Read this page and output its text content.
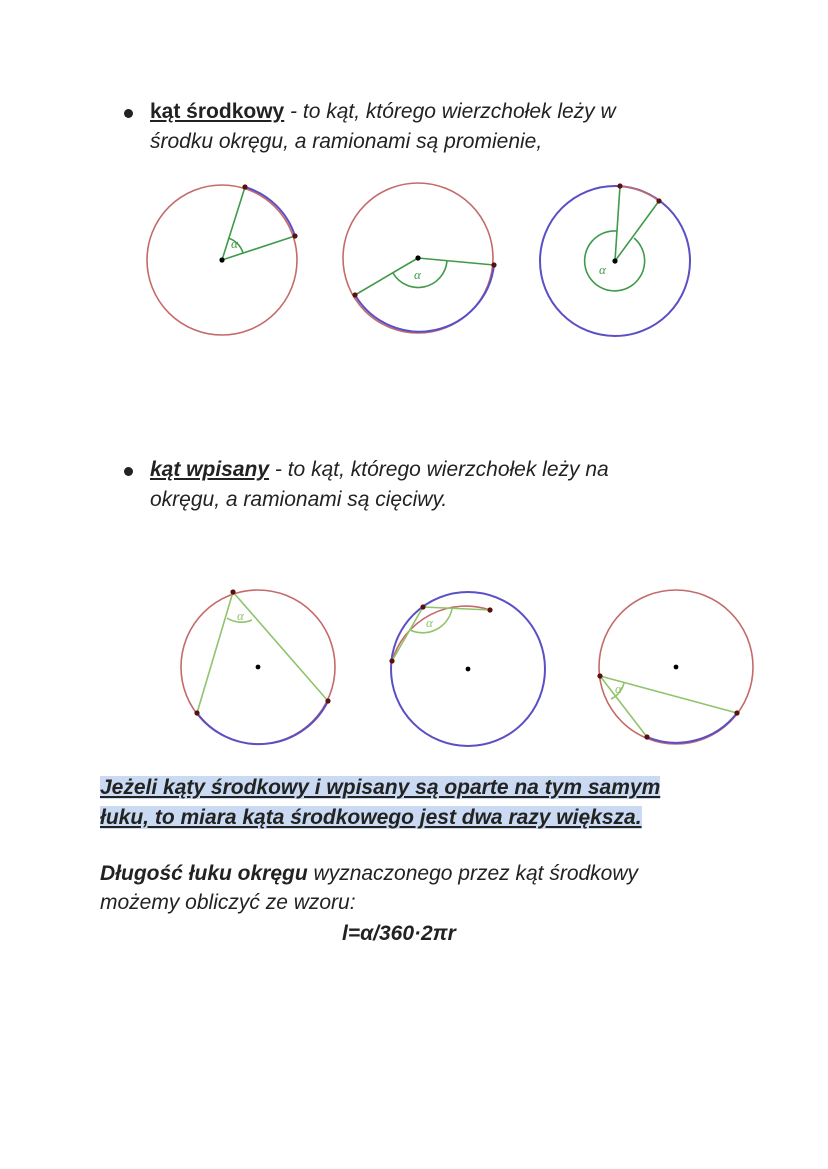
kąt środkowy - to kąt, którego wierzchołek leży w
środku okręgu, a ramionami są promienie,
kąt wpisany - to kąt, którego wierzchołek leży na
okręgu, a ramionami są cięciwy.
α
α	α
α	α
α
Jeżeli kąty środkowy i wpisany są oparte na tym samym
łuku, to miara kąta środkowego jest dwa razy większa.
Długość łuku okręgu wyznaczonego przez kąt środkowy
możemy obliczyć ze wzoru:
l=α/360·2πr
